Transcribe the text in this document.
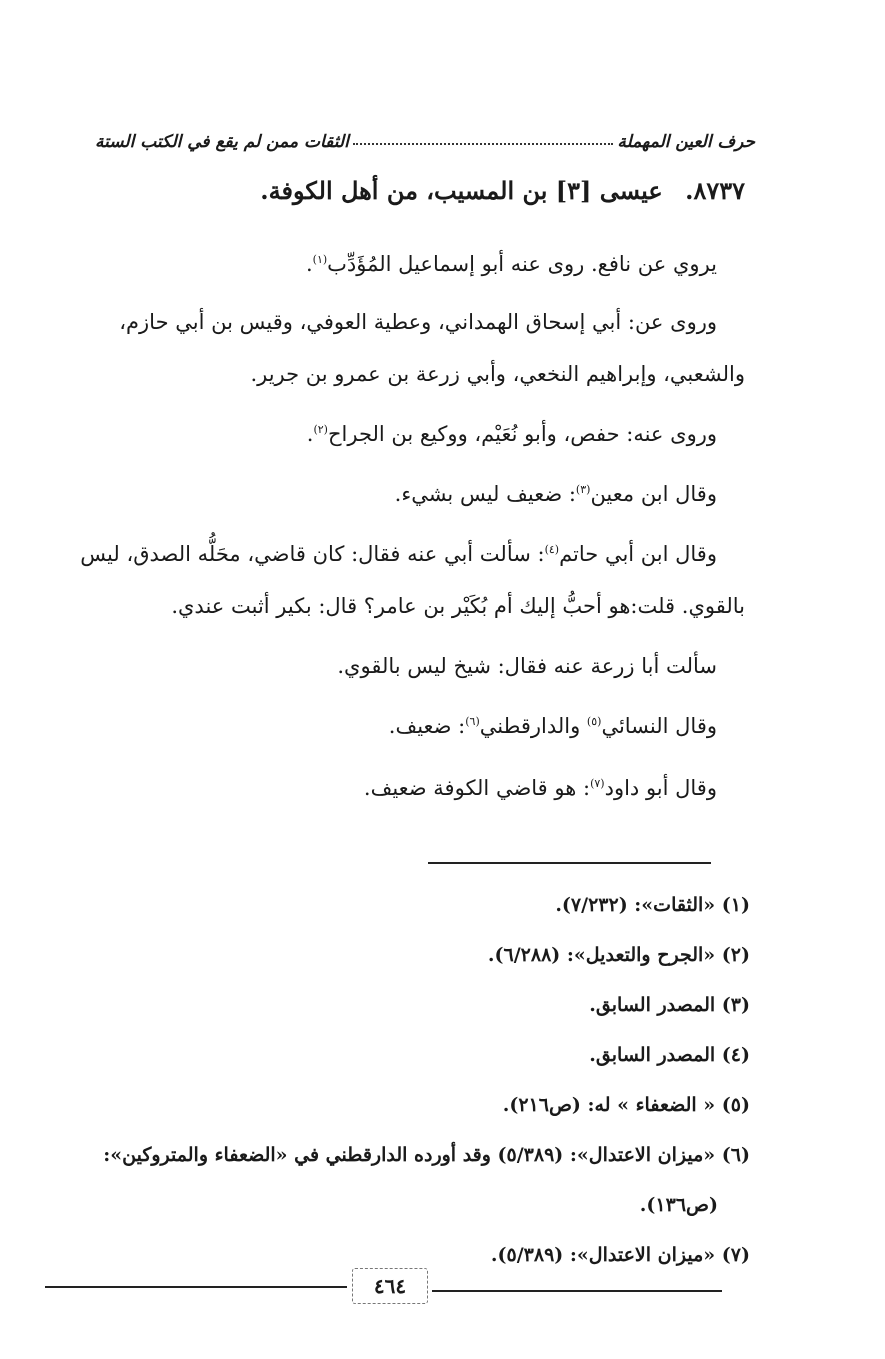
حرف العين المهملة
الثقات ممن لم يقع في الكتب الستة
٨٧٣٧. عيسى [٣] بن المسيب، من أهل الكوفة.

يروي عن نافع. روى عنه أبو إسماعيل المُؤَدِّب$^{(١)}$.

وروى عن: أبي إسحاق الهمداني، وعطية العوفي، وقيس بن أبي حازم، والشعبي، وإبراهيم النخعي، وأبي زرعة بن عمرو بن جرير.

وروى عنه: حفص، وأبو نُعَيْم، ووكيع بن الجراح$^{(٢)}$.

وقال ابن معين$^{(٣)}$: ضعيف ليس بشيء.

وقال ابن أبي حاتم$^{(٤)}$: سألت أبي عنه فقال: كان قاضي، محَلُّه الصدق، ليس بالقوي. قلت:هو أحبُّ إليك أم بُكَيْر بن عامر؟ قال: بكير أثبت عندي.

سألت أبا زرعة عنه فقال: شيخ ليس بالقوي.

وقال النسائي$^{(٥)}$ والدارقطني$^{(٦)}$: ضعيف.

وقال أبو داود$^{(٧)}$: هو قاضي الكوفة ضعيف.

(١) «الثقات»: (٧/٢٣٢).

(٢) «الجرح والتعديل»: (٦/٢٨٨).

(٣) المصدر السابق.

(٤) المصدر السابق.

(٥) « الضعفاء » له: (ص٢١٦).

(٦) «ميزان الاعتدال»: (٥/٣٨٩) وقد أورده الدارقطني في «الضعفاء والمتروكين»:
(ص١٣٦).

(٧) «ميزان الاعتدال»: (٥/٣٨٩).

٤٦٤
